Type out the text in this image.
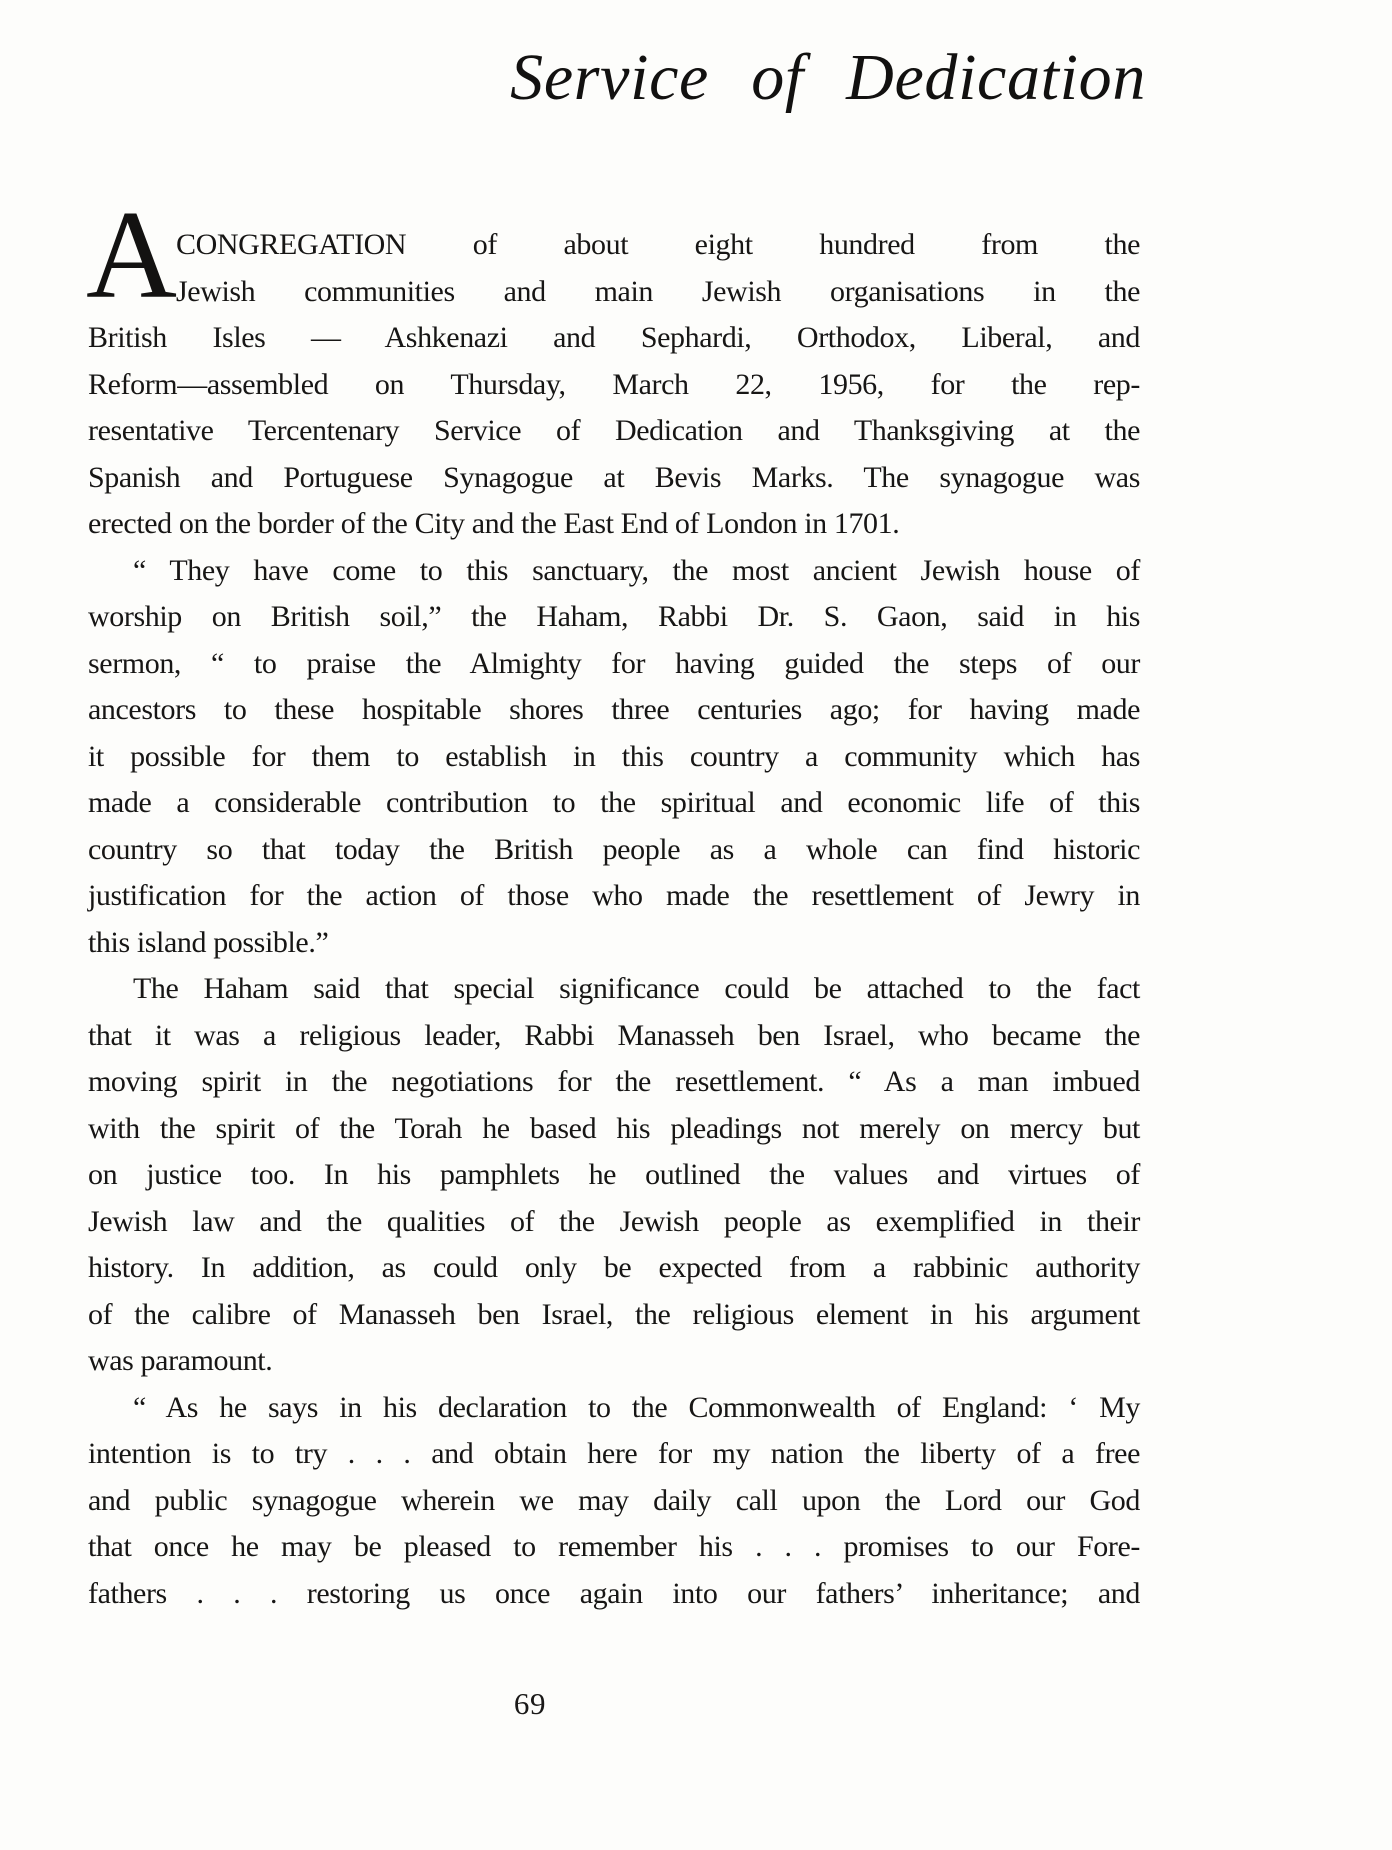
Service of Dedication
A CONGREGATION of about eight hundred from the
Jewish communities and main Jewish organisations in the
British Isles — Ashkenazi and Sephardi, Orthodox, Liberal, and
Reform—assembled on Thursday, March 22, 1956, for the rep-
resentative Tercentenary Service of Dedication and Thanksgiving at the
Spanish and Portuguese Synagogue at Bevis Marks. The synagogue was
erected on the border of the City and the East End of London in 1701.
“ They have come to this sanctuary, the most ancient Jewish house of
worship on British soil,” the Haham, Rabbi Dr. S. Gaon, said in his
sermon, “ to praise the Almighty for having guided the steps of our
ancestors to these hospitable shores three centuries ago; for having made
it possible for them to establish in this country a community which has
made a considerable contribution to the spiritual and economic life of this
country so that today the British people as a whole can find historic
justification for the action of those who made the resettlement of Jewry in
this island possible.”
The Haham said that special significance could be attached to the fact
that it was a religious leader, Rabbi Manasseh ben Israel, who became the
moving spirit in the negotiations for the resettlement. “ As a man imbued
with the spirit of the Torah he based his pleadings not merely on mercy but
on justice too. In his pamphlets he outlined the values and virtues of
Jewish law and the qualities of the Jewish people as exemplified in their
history. In addition, as could only be expected from a rabbinic authority
of the calibre of Manasseh ben Israel, the religious element in his argument
was paramount.
“ As he says in his declaration to the Commonwealth of England: ‘ My
intention is to try . . . and obtain here for my nation the liberty of a free
and public synagogue wherein we may daily call upon the Lord our God
that once he may be pleased to remember his . . . promises to our Fore-
fathers . . . restoring us once again into our fathers’ inheritance; and
69
